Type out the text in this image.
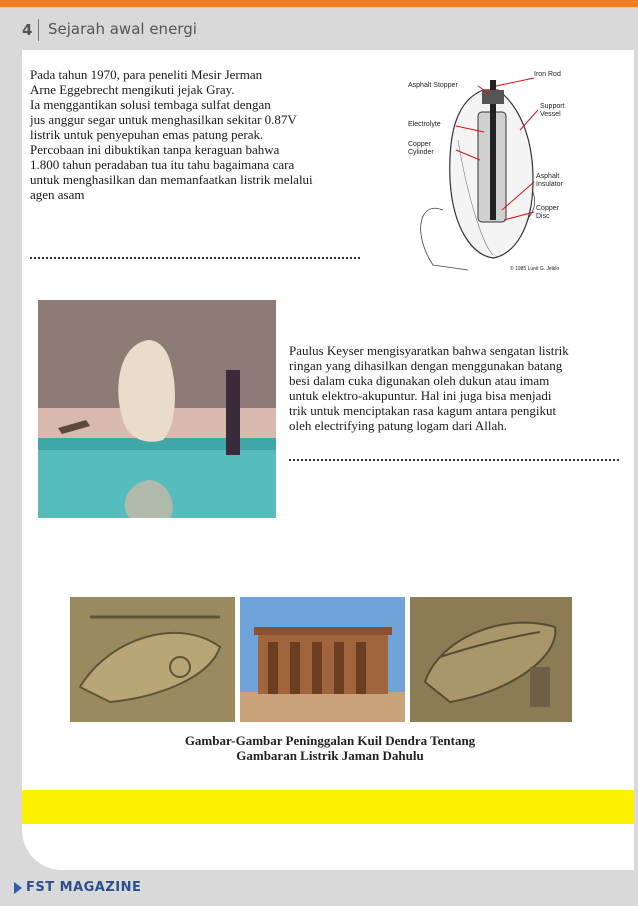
4 Sejarah awal energi
Pada tahun 1970, para peneliti Mesir Jerman
Arne Eggebrecht mengikuti jejak Gray.
Ia menggantikan solusi tembaga sulfat dengan
jus anggur segar untuk menghasilkan sekitar 0.87V
listrik untuk penyepuhan emas patung perak.
Percobaan ini dibuktikan tanpa keraguan bahwa
1.800 tahun peradaban tua itu tahu bagaimana cara
untuk menghasilkan dan memanfaatkan listrik melalui
agen asam
Asphalt Stopper
Iron Rod
Electrolyte
Support Vessel
Copper Cylinder
Asphalt Insulator
Copper Disc
© 1985 Lunit G. Jeiklo
Paulus Keyser mengisyaratkan bahwa sengatan listrik
ringan yang dihasilkan dengan menggunakan batang
besi dalam cuka digunakan oleh dukun atau imam
untuk elektro-akupuntur. Hal ini juga bisa menjadi
trik untuk menciptakan rasa kagum antara pengikut
oleh electrifying patung logam dari Allah.
Gambar-Gambar Peninggalan Kuil Dendra Tentang
Gambaran Listrik Jaman Dahulu
FST MAGAZINE
